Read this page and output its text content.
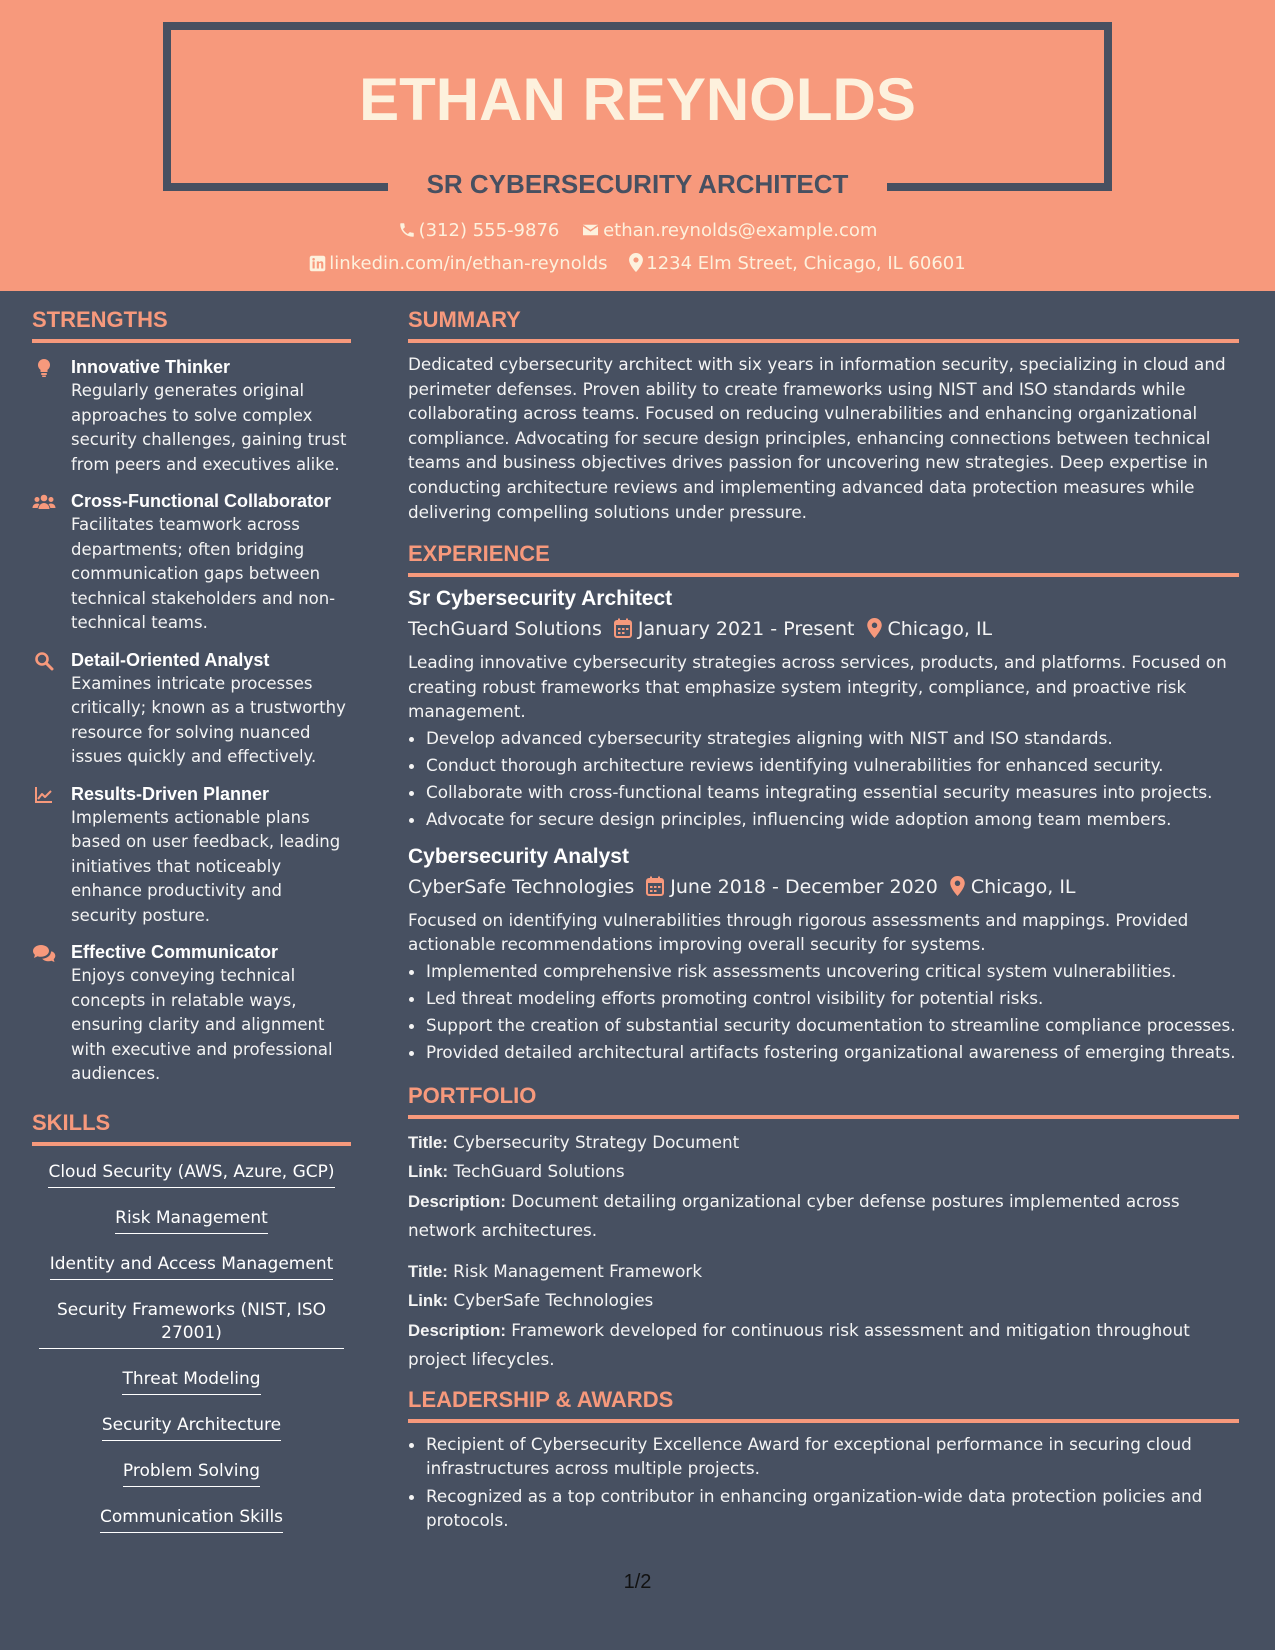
ETHAN REYNOLDS
SR CYBERSECURITY ARCHITECT
(312) 555-9876 ethan.reynolds@example.com
linkedin.com/in/ethan-reynolds 1234 Elm Street, Chicago, IL 60601
STRENGTHS
Innovative Thinker
Regularly generates original approaches to solve complex security challenges, gaining trust from peers and executives alike.
Cross-Functional Collaborator
Facilitates teamwork across departments; often bridging communication gaps between technical stakeholders and non-technical teams.
Detail-Oriented Analyst
Examines intricate processes critically; known as a trustworthy resource for solving nuanced issues quickly and effectively.
Results-Driven Planner
Implements actionable plans based on user feedback, leading initiatives that noticeably enhance productivity and security posture.
Effective Communicator
Enjoys conveying technical concepts in relatable ways, ensuring clarity and alignment with executive and professional audiences.
SKILLS
Cloud Security (AWS, Azure, GCP)
Risk Management
Identity and Access Management
Security Frameworks (NIST, ISO 27001)
Threat Modeling
Security Architecture
Problem Solving
Communication Skills
SUMMARY
Dedicated cybersecurity architect with six years in information security, specializing in cloud and perimeter defenses. Proven ability to create frameworks using NIST and ISO standards while collaborating across teams. Focused on reducing vulnerabilities and enhancing organizational compliance. Advocating for secure design principles, enhancing connections between technical teams and business objectives drives passion for uncovering new strategies. Deep expertise in conducting architecture reviews and implementing advanced data protection measures while delivering compelling solutions under pressure.
EXPERIENCE
Sr Cybersecurity Architect
TechGuard Solutions January 2021 - Present Chicago, IL
Leading innovative cybersecurity strategies across services, products, and platforms. Focused on creating robust frameworks that emphasize system integrity, compliance, and proactive risk management.
• Develop advanced cybersecurity strategies aligning with NIST and ISO standards.
• Conduct thorough architecture reviews identifying vulnerabilities for enhanced security.
• Collaborate with cross-functional teams integrating essential security measures into projects.
• Advocate for secure design principles, influencing wide adoption among team members.
Cybersecurity Analyst
CyberSafe Technologies June 2018 - December 2020 Chicago, IL
Focused on identifying vulnerabilities through rigorous assessments and mappings. Provided actionable recommendations improving overall security for systems.
• Implemented comprehensive risk assessments uncovering critical system vulnerabilities.
• Led threat modeling efforts promoting control visibility for potential risks.
• Support the creation of substantial security documentation to streamline compliance processes.
• Provided detailed architectural artifacts fostering organizational awareness of emerging threats.
PORTFOLIO
Title: Cybersecurity Strategy Document
Link: TechGuard Solutions
Description: Document detailing organizational cyber defense postures implemented across network architectures.
Title: Risk Management Framework
Link: CyberSafe Technologies
Description: Framework developed for continuous risk assessment and mitigation throughout project lifecycles.
LEADERSHIP & AWARDS
• Recipient of Cybersecurity Excellence Award for exceptional performance in securing cloud infrastructures across multiple projects.
• Recognized as a top contributor in enhancing organization-wide data protection policies and protocols.
1/2
